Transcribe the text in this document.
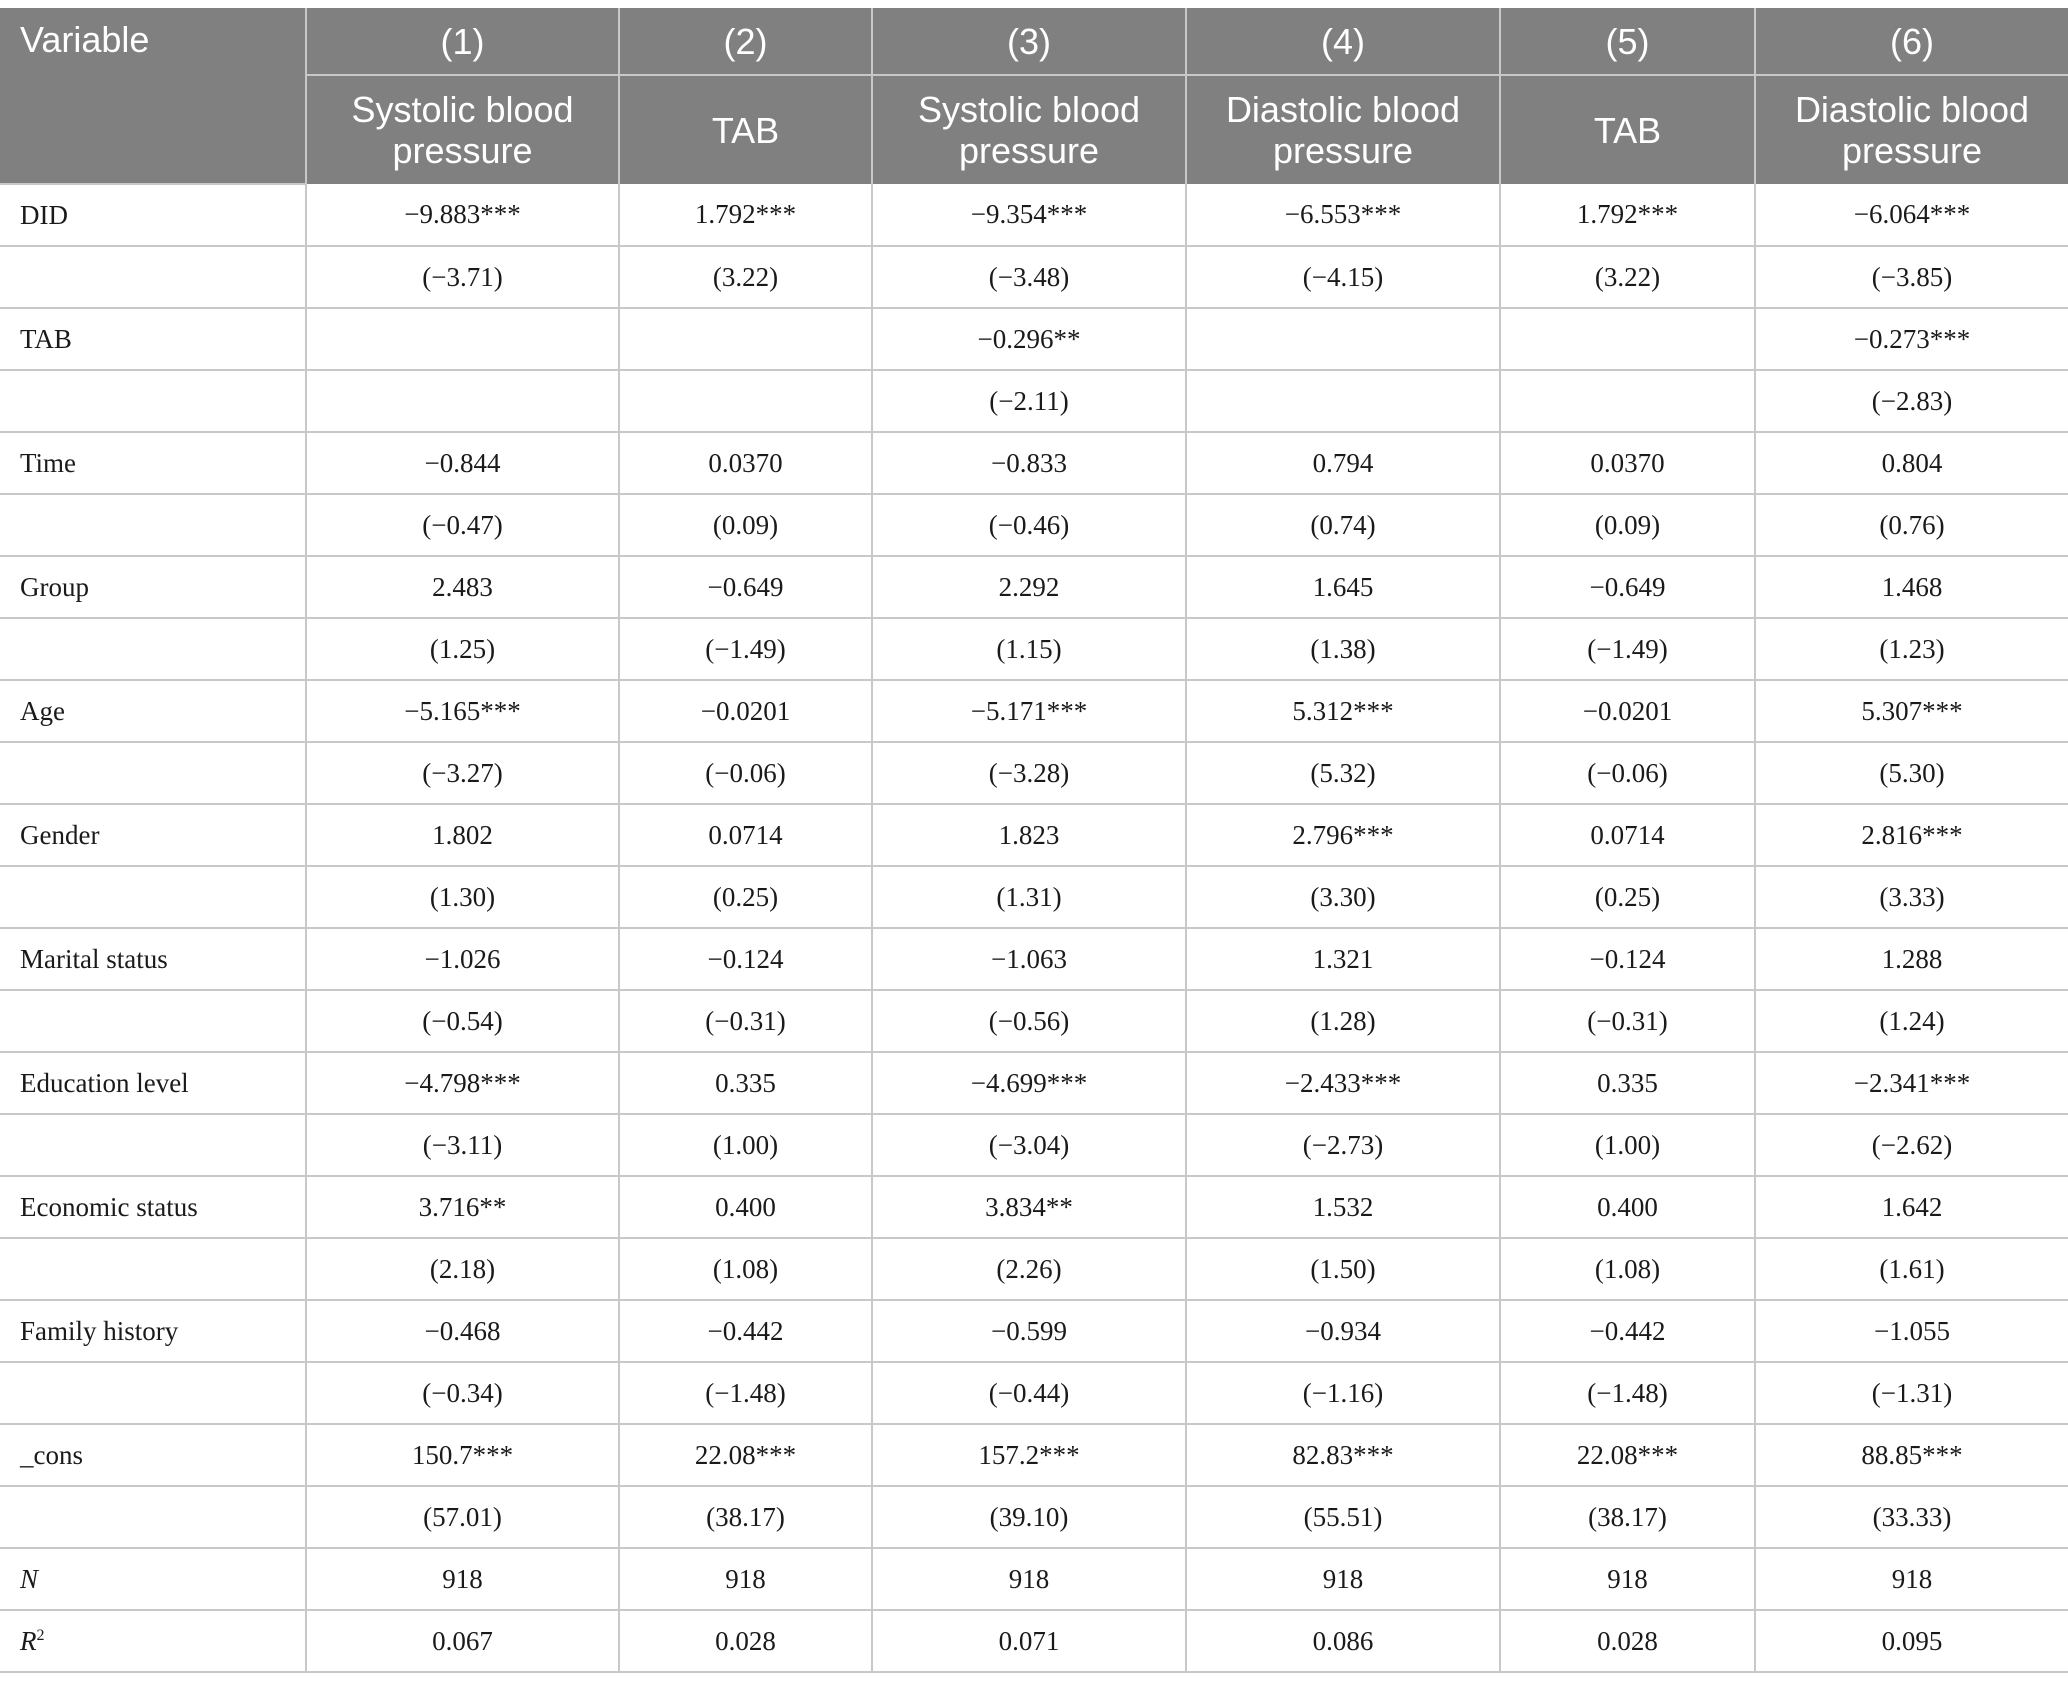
Variable	(1)	(2)	(3)	(4)	(5)	(6)
	Systolic blood pressure	TAB	Systolic blood pressure	Diastolic blood pressure	TAB	Diastolic blood pressure
DID	−9.883***	1.792***	−9.354***	−6.553***	1.792***	−6.064***
	(−3.71)	(3.22)	(−3.48)	(−4.15)	(3.22)	(−3.85)
TAB			−0.296**			−0.273***
			(−2.11)			(−2.83)
Time	−0.844	0.0370	−0.833	0.794	0.0370	0.804
	(−0.47)	(0.09)	(−0.46)	(0.74)	(0.09)	(0.76)
Group	2.483	−0.649	2.292	1.645	−0.649	1.468
	(1.25)	(−1.49)	(1.15)	(1.38)	(−1.49)	(1.23)
Age	−5.165***	−0.0201	−5.171***	5.312***	−0.0201	5.307***
	(−3.27)	(−0.06)	(−3.28)	(5.32)	(−0.06)	(5.30)
Gender	1.802	0.0714	1.823	2.796***	0.0714	2.816***
	(1.30)	(0.25)	(1.31)	(3.30)	(0.25)	(3.33)
Marital status	−1.026	−0.124	−1.063	1.321	−0.124	1.288
	(−0.54)	(−0.31)	(−0.56)	(1.28)	(−0.31)	(1.24)
Education level	−4.798***	0.335	−4.699***	−2.433***	0.335	−2.341***
	(−3.11)	(1.00)	(−3.04)	(−2.73)	(1.00)	(−2.62)
Economic status	3.716**	0.400	3.834**	1.532	0.400	1.642
	(2.18)	(1.08)	(2.26)	(1.50)	(1.08)	(1.61)
Family history	−0.468	−0.442	−0.599	−0.934	−0.442	−1.055
	(−0.34)	(−1.48)	(−0.44)	(−1.16)	(−1.48)	(−1.31)
_cons	150.7***	22.08***	157.2***	82.83***	22.08***	88.85***
	(57.01)	(38.17)	(39.10)	(55.51)	(38.17)	(33.33)
N	918	918	918	918	918	918
$R^2$	0.067	0.028	0.071	0.086	0.028	0.095
